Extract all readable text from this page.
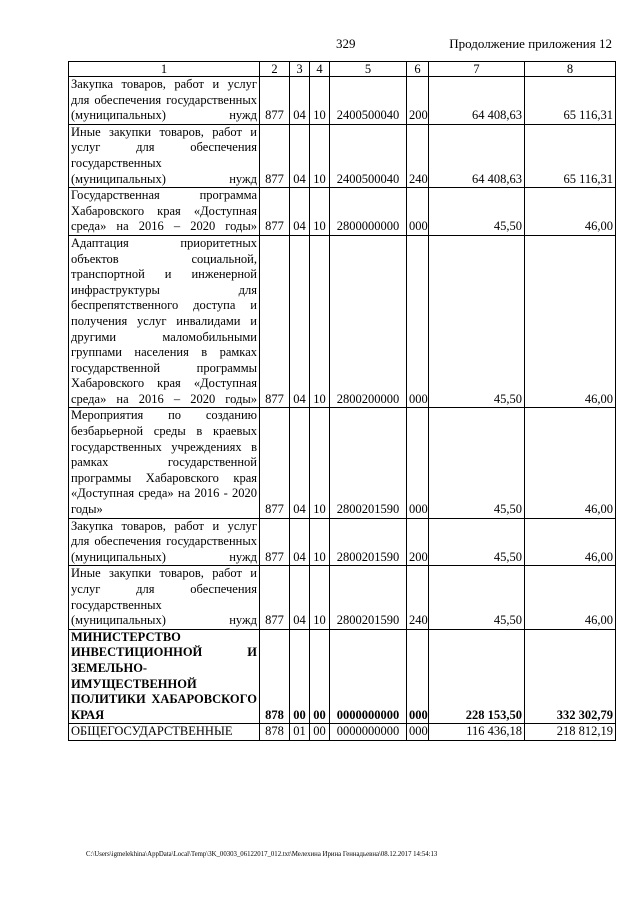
329	Продолжение приложения 12
1	2	3	4	5	6	7	8
Закупка товаров, работ и услуг для обеспечения государственных (муниципальных) нужд	877	04	10	2400500040	200	64 408,63	65 116,31
Иные закупки товаров, работ и услуг для обеспечения государственных (муниципальных) нужд	877	04	10	2400500040	240	64 408,63	65 116,31
Государственная программа Хабаровского края «Доступная среда» на 2016 – 2020 годы»	877	04	10	2800000000	000	45,50	46,00
Адаптация приоритетных объектов социальной, транспортной и инженерной инфраструктуры для беспрепятственного доступа и получения услуг инвалидами и другими маломобильными группами населения в рамках государственной программы Хабаровского края «Доступная среда» на 2016 – 2020 годы»	877	04	10	2800200000	000	45,50	46,00
Мероприятия по созданию безбарьерной среды в краевых государственных учреждениях в рамках государственной программы Хабаровского края «Доступная среда» на 2016 - 2020 годы»	877	04	10	2800201590	000	45,50	46,00
Закупка товаров, работ и услуг для обеспечения государственных (муниципальных) нужд	877	04	10	2800201590	200	45,50	46,00
Иные закупки товаров, работ и услуг для обеспечения государственных (муниципальных) нужд	877	04	10	2800201590	240	45,50	46,00
МИНИСТЕРСТВО ИНВЕСТИЦИОННОЙ И ЗЕМЕЛЬНО-ИМУЩЕСТВЕННОЙ ПОЛИТИКИ ХАБАРОВСКОГО КРАЯ	878	00	00	0000000000	000	228 153,50	332 302,79
ОБЩЕГОСУДАРСТВЕННЫЕ	878	01	00	0000000000	000	116 436,18	218 812,19
C:\Users\igmelekhina\AppData\Local\Temp\3K_00303_06122017_012.txt\Мелехина Ирина Геннадьевна\08.12.2017 14:54:13
